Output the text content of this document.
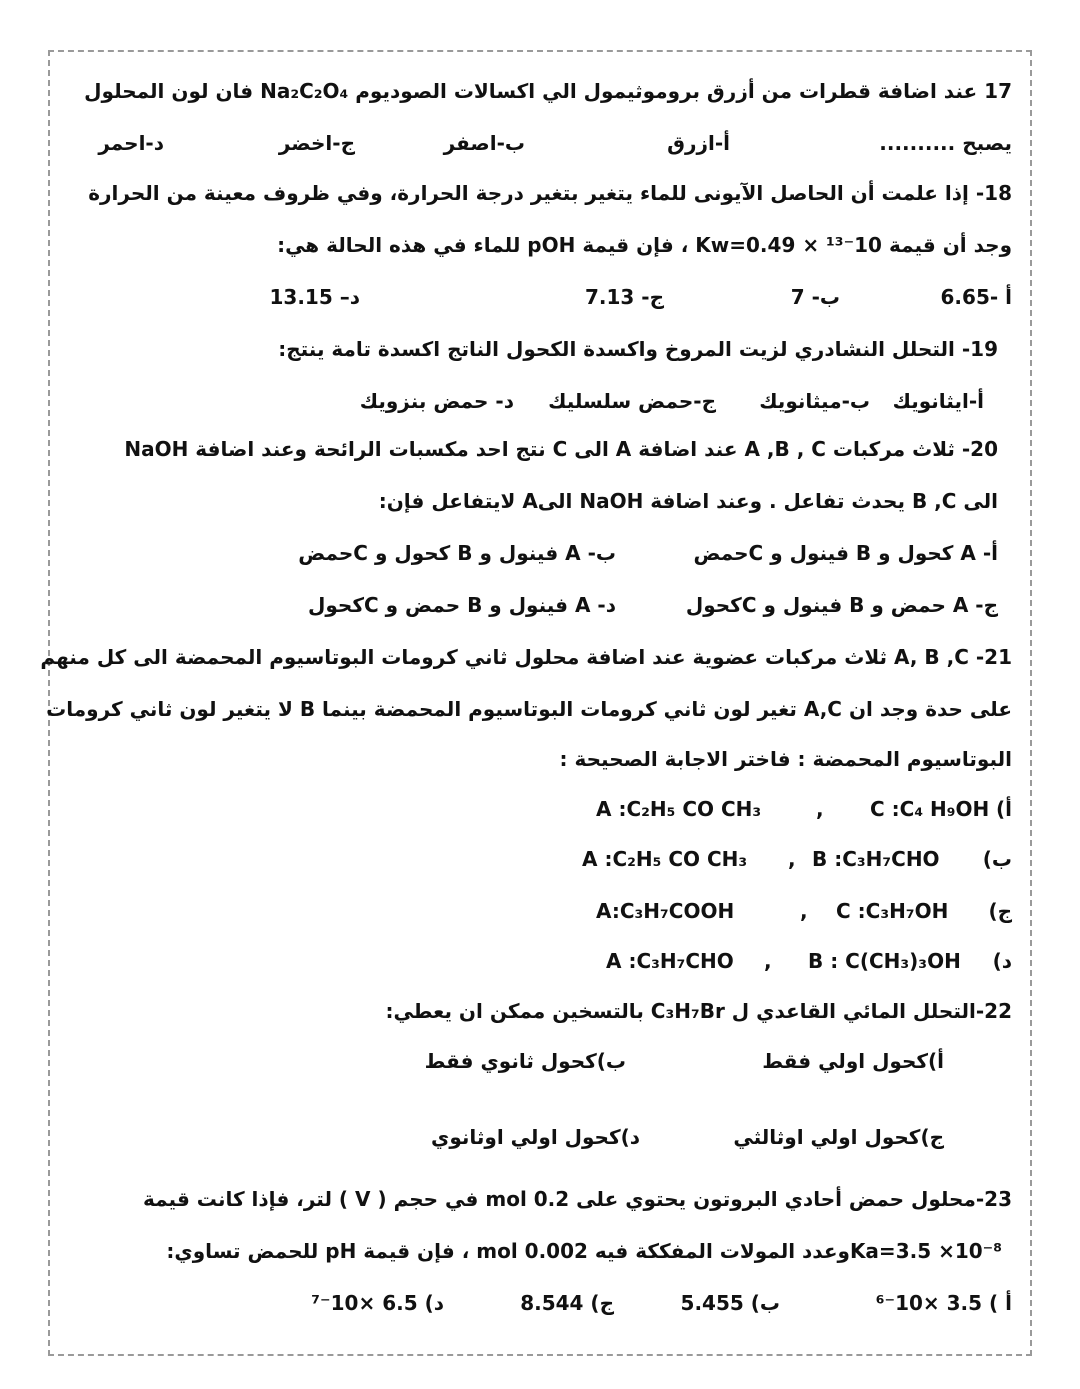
17 عند اضافة قطرات من أزرق بروموثيمول الي اكسالات الصوديوم Na₂C₂O₄ فان لون المحلول
يصبح ..........
أ-ازرق
ب-اصفر
ج-اخضر
د-احمر
18- إذا علمت أن الحاصل الآيونى للماء يتغير بتغير درجة الحرارة، وفي ظروف معينة من الحرارة
وجد أن قيمة 10⁻¹³ × Kw=0.49 ، فإن قيمة pOH للماء في هذه الحالة هي:
أ -6.65
ب- 7
ج- 7.13
د– 13.15
19- التحلل النشادري لزيت المروخ واكسدة الكحول الناتج اكسدة تامة ينتج:
أ-ايثانويك
ب-ميثانويك
ج-حمض سلسليك
د- حمض بنزويك
20- ثلاث مركبات A ,B , C عند اضافة A الى C نتج احد مكسبات الرائحة وعند اضافة NaOH
الى B ,C يحدث تفاعل . وعند اضافة NaOH الىA لايتفاعل فإن:
أ- A كحول و B فينول و Cحمض
ب- A فينول و B كحول و Cحمض
ج- A حمض و B فينول و Cكحول
د- A فينول و B حمض و Cكحول
21- A, B ,C ثلاث مركبات عضوية عند اضافة محلول ثاني كرومات البوتاسيوم المحمضة الى كل منهم
على حدة وجد ان A,C تغير لون ثاني كرومات البوتاسيوم المحمضة بينما B لا يتغير لون ثاني كرومات
البوتاسيوم المحمضة : فاختر الاجابة الصحيحة :
أ)
C :C₄ H₉OH
,
A :C₂H₅ CO CH₃
ب)
B :C₃H₇CHO
,
A :C₂H₅ CO CH₃
ج)
C :C₃H₇OH
,
A:C₃H₇COOH
د)
B : C(CH₃)₃OH
,
A :C₃H₇CHO
22-التحلل المائي القاعدي ل C₃H₇Br بالتسخين ممكن ان يعطي:
أ)كحول اولي فقط
ب)كحول ثانوي فقط
ج)كحول اولي اوثالثي
د)كحول اولي اوثانوي
23-محلول حمض أحادي البروتون يحتوي على 0.2 mol في حجم ( V ) لتر، فإذا كانت قيمة
Ka=3.5 ×10⁻⁸وعدد المولات المفككة فيه 0.002 mol ، فإن قيمة pH للحمض تساوي:
أ ) 3.5 ×10⁻⁶
ب) 5.455
ج) 8.544
د) 6.5 ×10⁻⁷
